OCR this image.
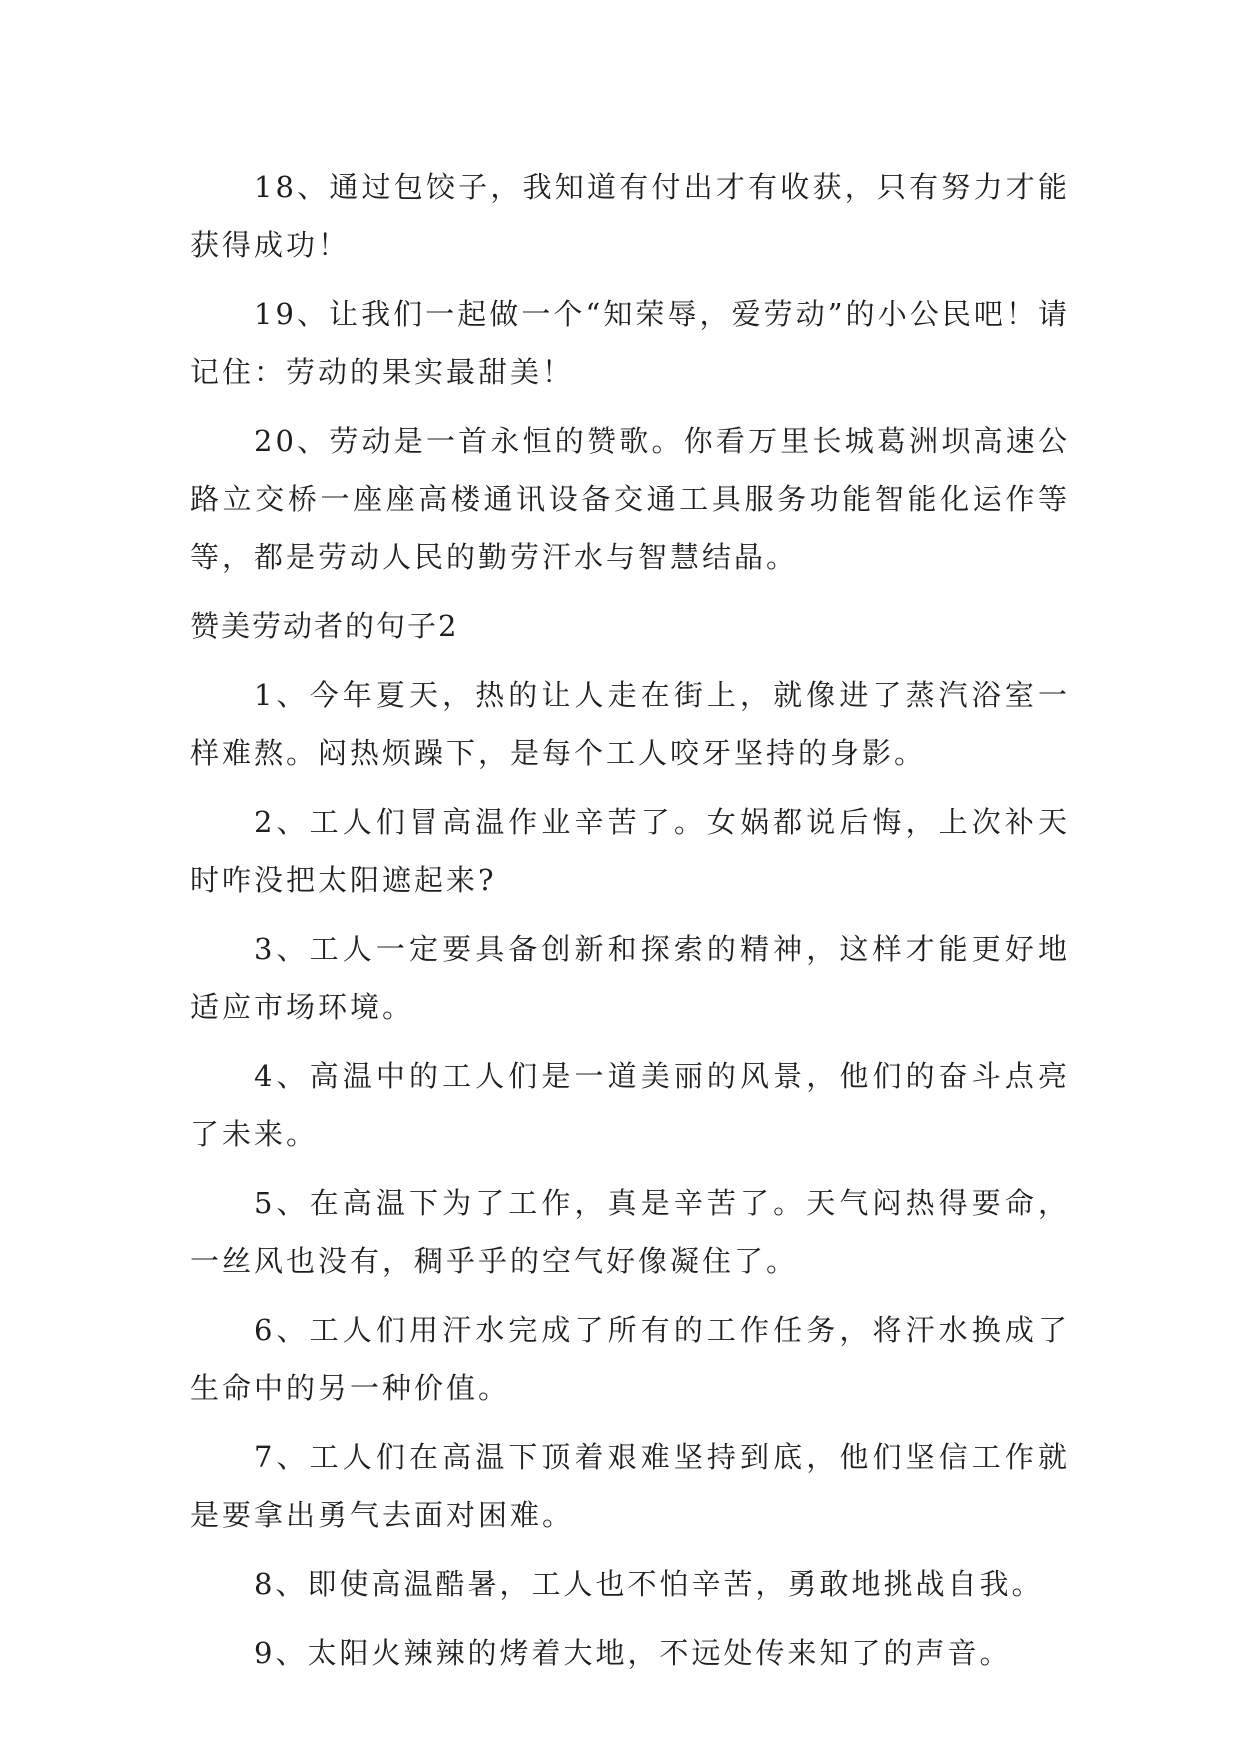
18、通过包饺子，我知道有付出才有收获，只有努力才能获得成功！

19、让我们一起做一个“知荣辱，爱劳动”的小公民吧！请记住：劳动的果实最甜美！

20、劳动是一首永恒的赞歌。你看万里长城葛洲坝高速公路立交桥一座座高楼通讯设备交通工具服务功能智能化运作等等，都是劳动人民的勤劳汗水与智慧结晶。

赞美劳动者的句子2

1、今年夏天，热的让人走在街上，就像进了蒸汽浴室一样难熬。闷热烦躁下，是每个工人咬牙坚持的身影。

2、工人们冒高温作业辛苦了。女娲都说后悔，上次补天时咋没把太阳遮起来?

3、工人一定要具备创新和探索的精神，这样才能更好地适应市场环境。

4、高温中的工人们是一道美丽的风景，他们的奋斗点亮了未来。

5、在高温下为了工作，真是辛苦了。天气闷热得要命，一丝风也没有，稠乎乎的空气好像凝住了。

6、工人们用汗水完成了所有的工作任务，将汗水换成了生命中的另一种价值。

7、工人们在高温下顶着艰难坚持到底，他们坚信工作就是要拿出勇气去面对困难。

8、即使高温酷暑，工人也不怕辛苦，勇敢地挑战自我。

9、太阳火辣辣的烤着大地，不远处传来知了的声音。
